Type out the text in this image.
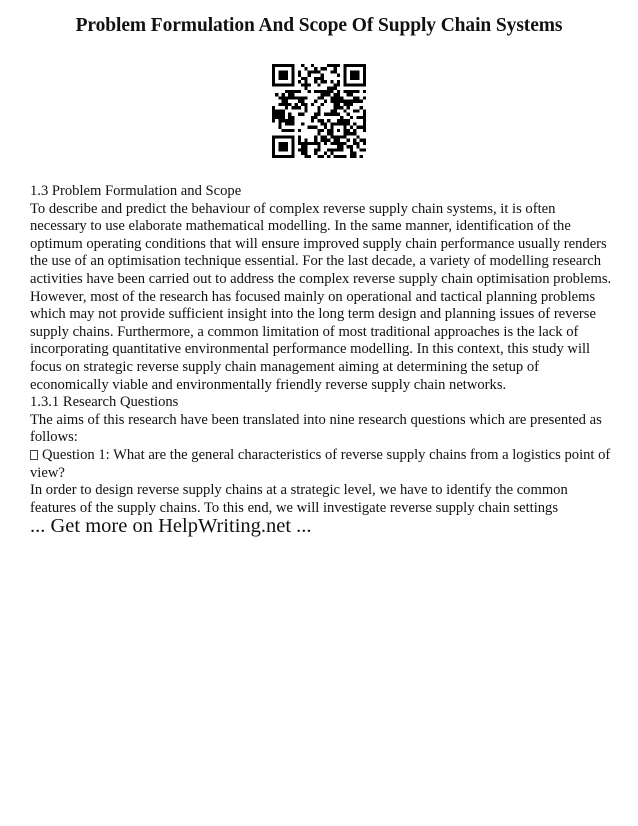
Problem Formulation And Scope Of Supply Chain Systems

1.3 Problem Formulation and Scope

To describe and predict the behaviour of complex reverse supply chain systems, it is often necessary to use elaborate mathematical modelling. In the same manner, identification of the optimum operating conditions that will ensure improved supply chain performance usually renders the use of an optimisation technique essential. For the last decade, a variety of modelling research activities have been carried out to address the complex reverse supply chain optimisation problems. However, most of the research has focused mainly on operational and tactical planning problems which may not provide sufficient insight into the long term design and planning issues of reverse supply chains. Furthermore, a common limitation of most traditional approaches is the lack of incorporating quantitative environmental performance modelling. In this context, this study will focus on strategic reverse supply chain management aiming at determining the setup of economically viable and environmentally friendly reverse supply chain networks.

1.3.1 Research Questions

The aims of this research have been translated into nine research questions which are presented as follows:

Question 1: What are the general characteristics of reverse supply chains from a logistics point of view?

In order to design reverse supply chains at a strategic level, we have to identify the common features of the supply chains. To this end, we will investigate reverse supply chain settings

... Get more on HelpWriting.net ...
